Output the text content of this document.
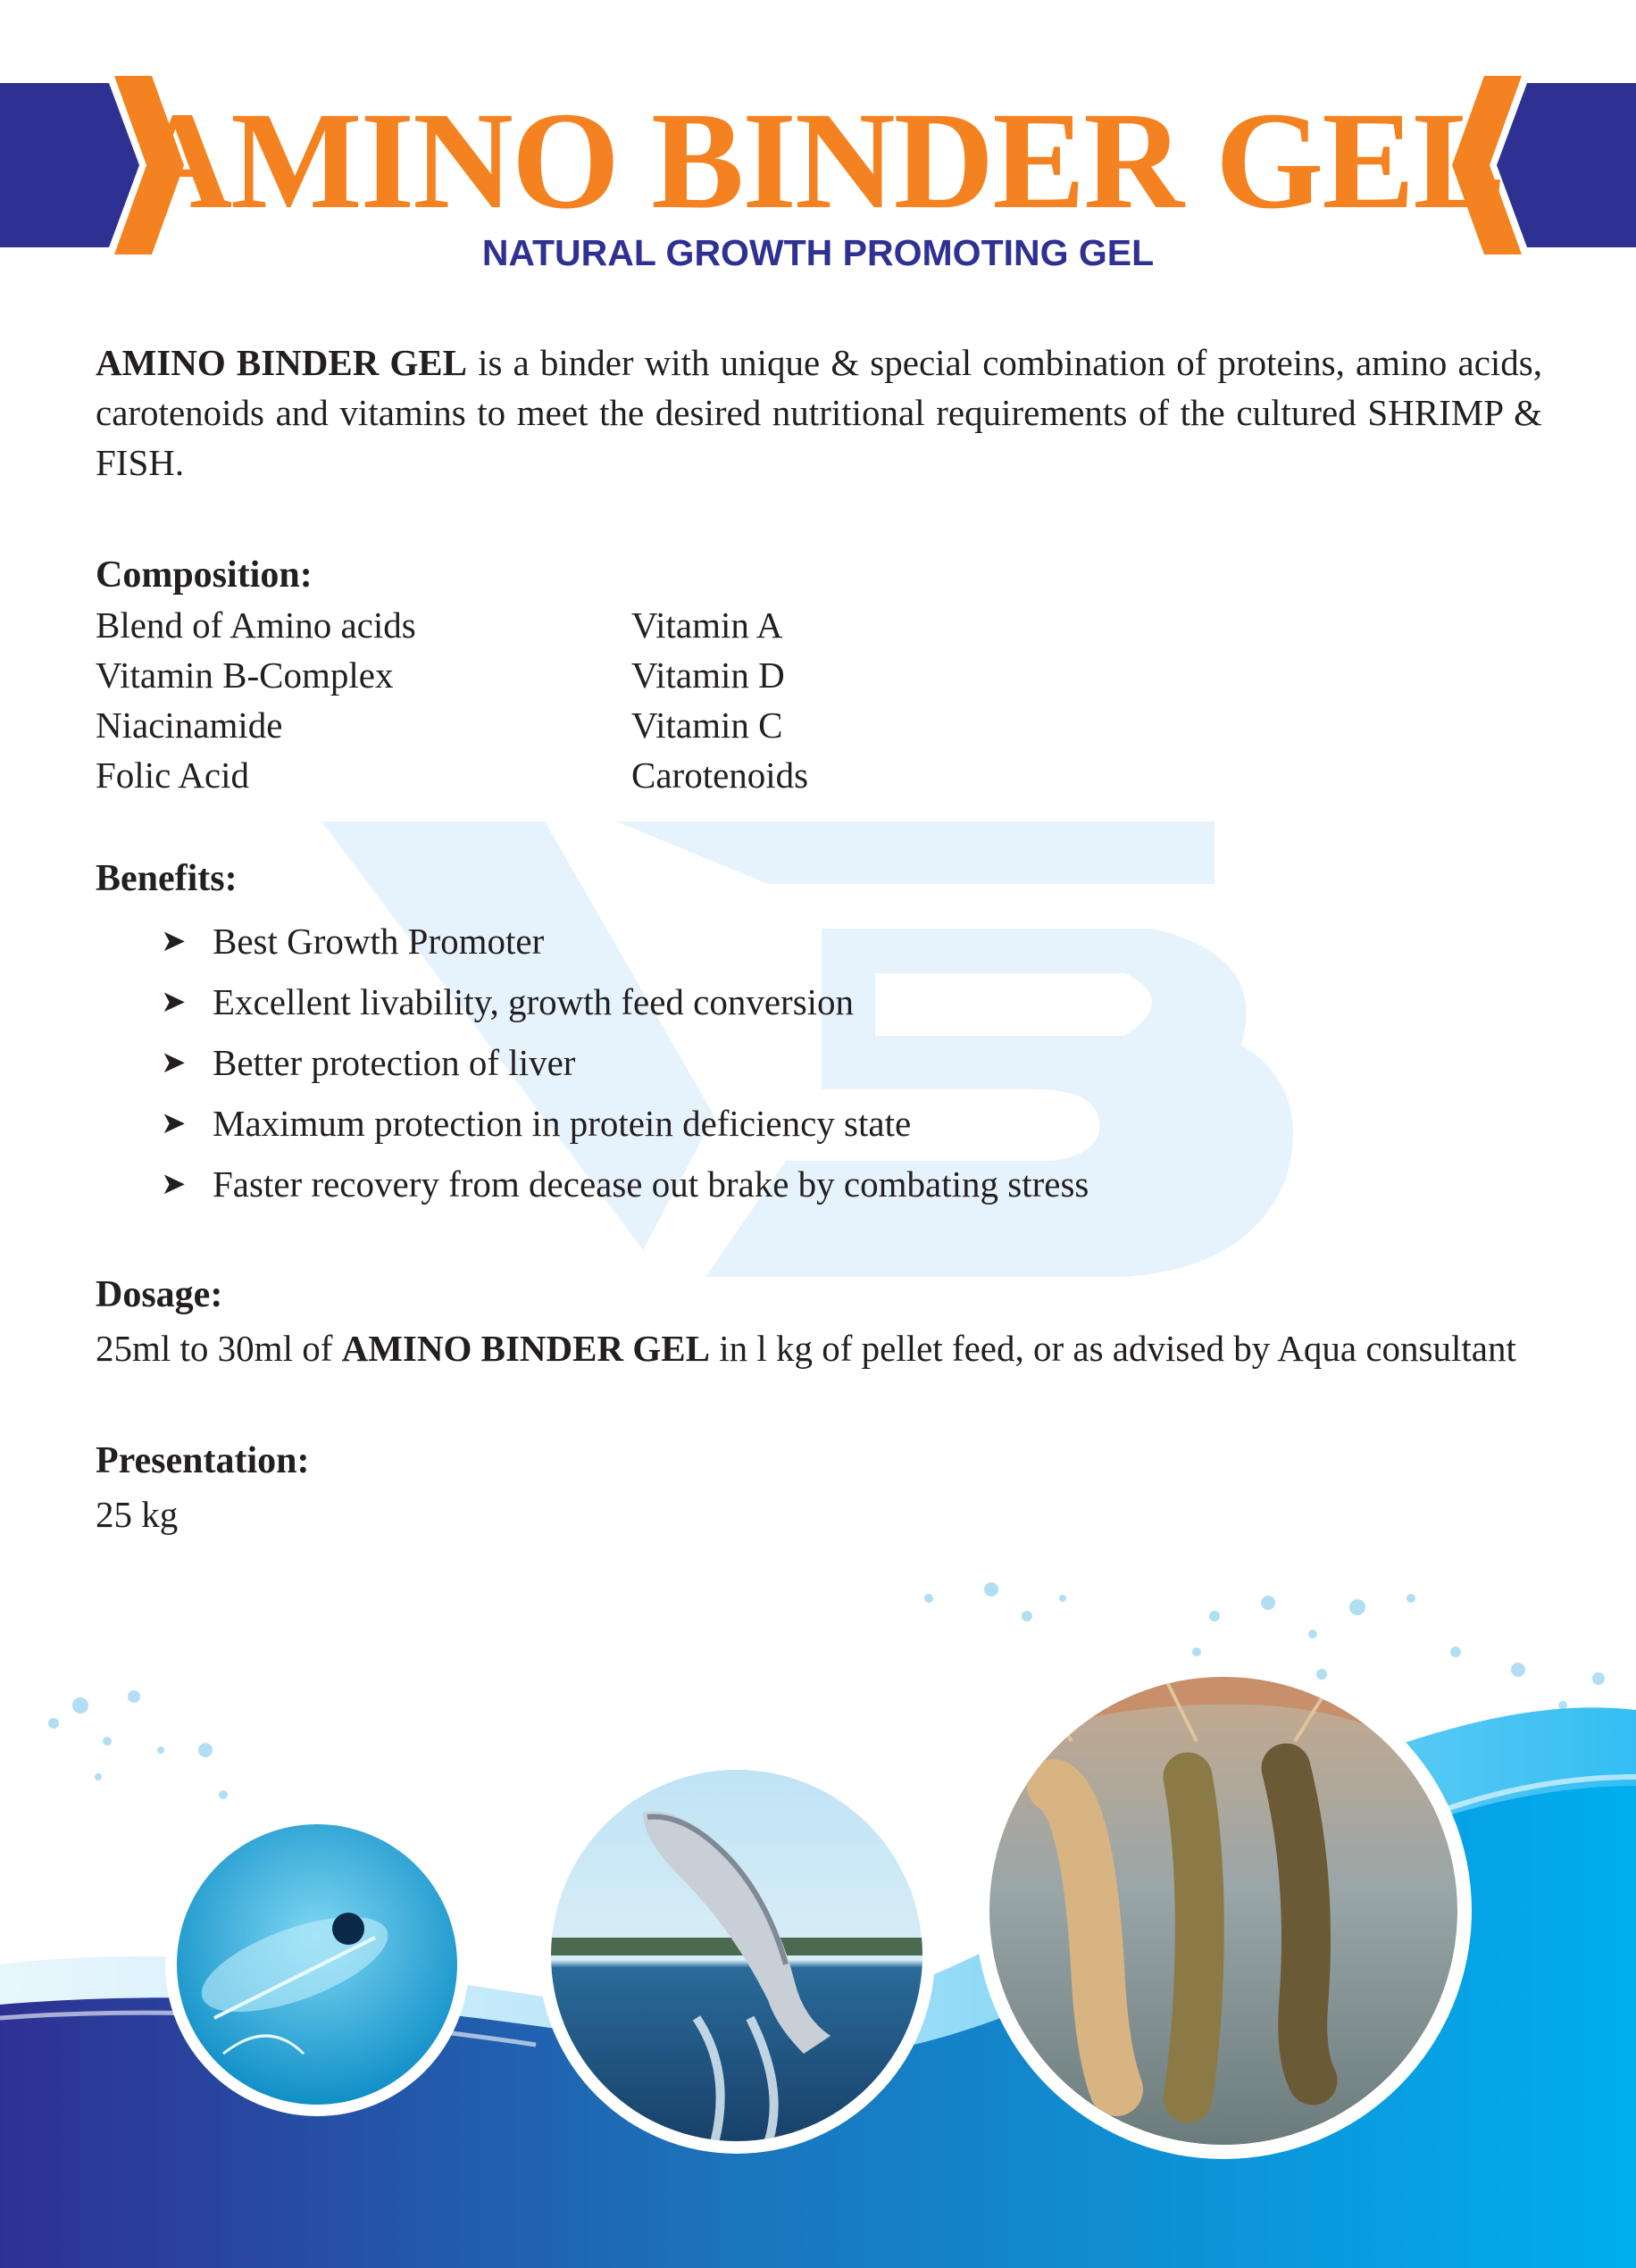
AMINO BINDER GEL
NATURAL GROWTH PROMOTING GEL

AMINO BINDER GEL is a binder with unique & special combination of proteins, amino acids, carotenoids and vitamins to meet the desired nutritional requirements of the cultured SHRIMP & FISH.

Composition:

Blend of Amino acids
Vitamin B-Complex
Niacinamide
Folic Acid
Vitamin A
Vitamin D
Vitamin C
Carotenoids

Benefits:

➤ Best Growth Promoter
➤ Excellent livability, growth feed conversion
➤ Better protection of liver
➤ Maximum protection in protein deficiency state
➤ Faster recovery from decease out brake by combating stress

Dosage:

25ml to 30ml of AMINO BINDER GEL in l kg of pellet feed, or as advised by Aqua consultant

Presentation:

25 kg
